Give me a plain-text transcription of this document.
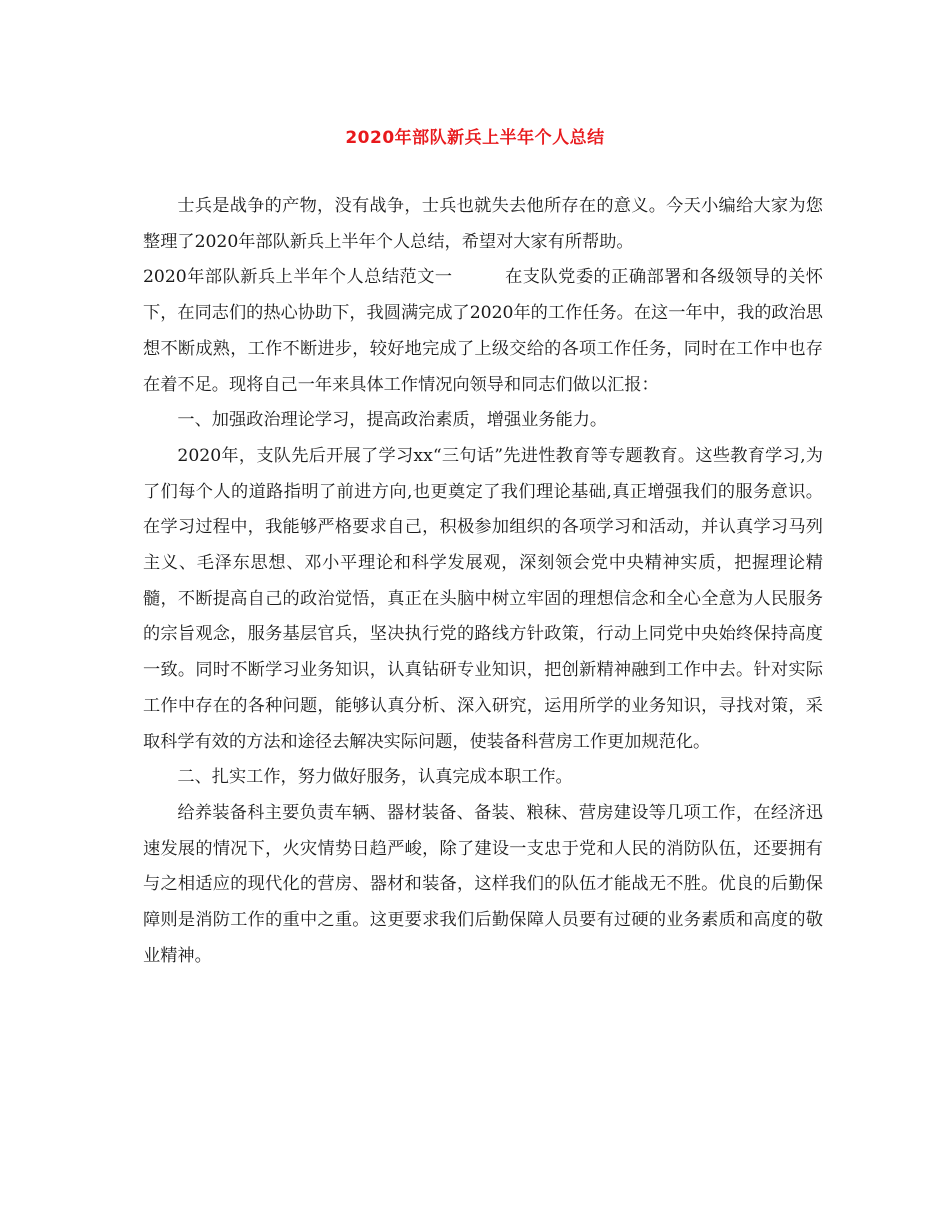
2020年部队新兵上半年个人总结

士兵是战争的产物，没有战争，士兵也就失去他所存在的意义。今天小编给大家为您整理了2020年部队新兵上半年个人总结，希望对大家有所帮助。

2020年部队新兵上半年个人总结范文一	在支队党委的正确部署和各级领导的关怀下，在同志们的热心协助下，我圆满完成了2020年的工作任务。在这一年中，我的政治思想不断成熟，工作不断进步，较好地完成了上级交给的各项工作任务，同时在工作中也存在着不足。现将自己一年来具体工作情况向领导和同志们做以汇报：

一、加强政治理论学习，提高政治素质，增强业务能力。

2020年，支队先后开展了学习xx“三句话”先进性教育等专题教育。这些教育学习,为了们每个人的道路指明了前进方向,也更奠定了我们理论基础,真正增强我们的服务意识。在学习过程中，我能够严格要求自己，积极参加组织的各项学习和活动，并认真学习马列主义、毛泽东思想、邓小平理论和科学发展观，深刻领会党中央精神实质，把握理论精髓，不断提高自己的政治觉悟，真正在头脑中树立牢固的理想信念和全心全意为人民服务的宗旨观念，服务基层官兵，坚决执行党的路线方针政策，行动上同党中央始终保持高度一致。同时不断学习业务知识，认真钻研专业知识，把创新精神融到工作中去。针对实际工作中存在的各种问题，能够认真分析、深入研究，运用所学的业务知识，寻找对策，采取科学有效的方法和途径去解决实际问题，使装备科营房工作更加规范化。

二、扎实工作，努力做好服务，认真完成本职工作。

给养装备科主要负责车辆、器材装备、备装、粮秣、营房建设等几项工作，在经济迅速发展的情况下，火灾情势日趋严峻，除了建设一支忠于党和人民的消防队伍，还要拥有与之相适应的现代化的营房、器材和装备，这样我们的队伍才能战无不胜。优良的后勤保障则是消防工作的重中之重。这更要求我们后勤保障人员要有过硬的业务素质和高度的敬业精神。
